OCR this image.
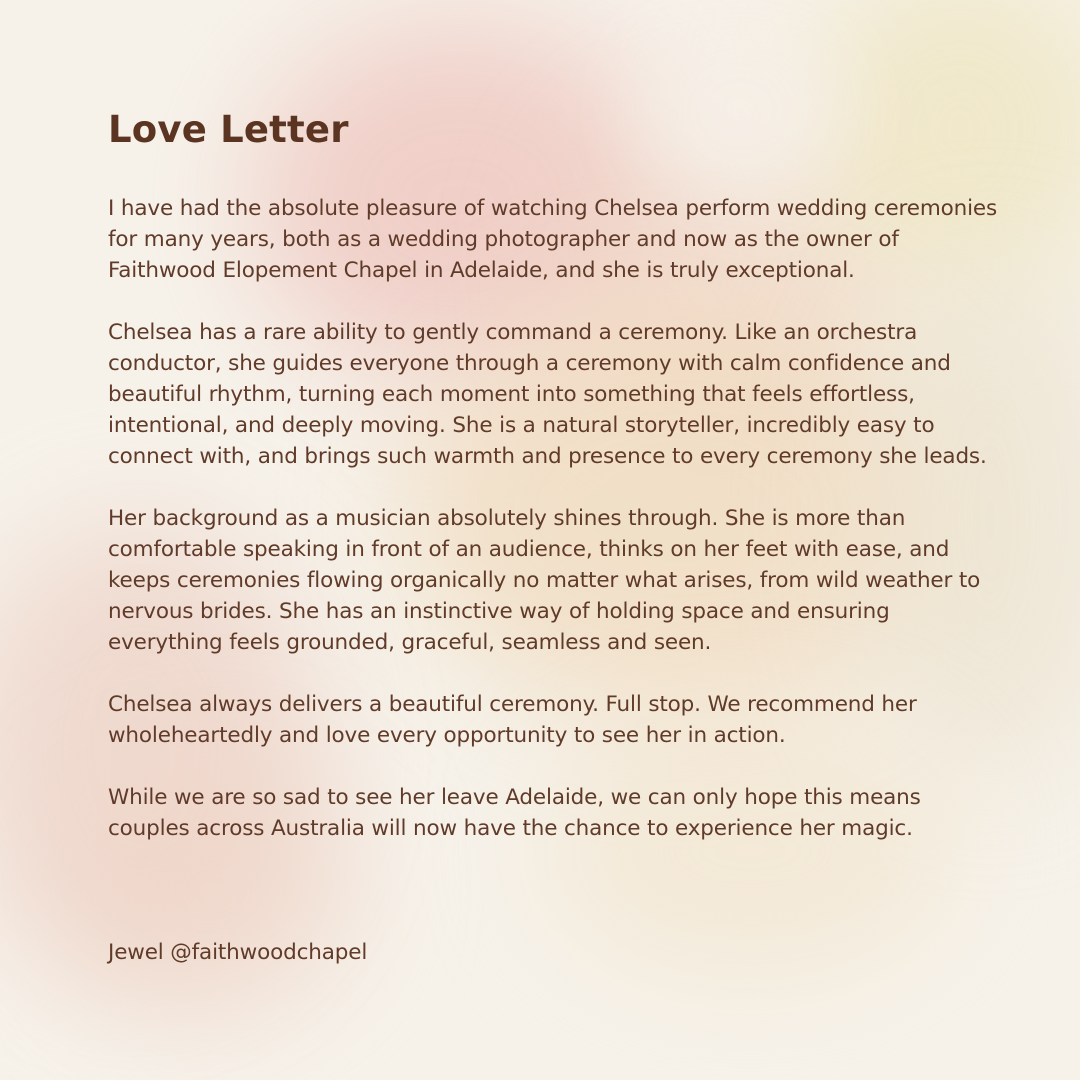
Love Letter

I have had the absolute pleasure of watching Chelsea perform wedding ceremonies for many years, both as a wedding photographer and now as the owner of Faithwood Elopement Chapel in Adelaide, and she is truly exceptional.

Chelsea has a rare ability to gently command a ceremony. Like an orchestra conductor, she guides everyone through a ceremony with calm confidence and beautiful rhythm, turning each moment into something that feels effortless, intentional, and deeply moving. She is a natural storyteller, incredibly easy to connect with, and brings such warmth and presence to every ceremony she leads.

Her background as a musician absolutely shines through. She is more than comfortable speaking in front of an audience, thinks on her feet with ease, and keeps ceremonies flowing organically no matter what arises, from wild weather to nervous brides. She has an instinctive way of holding space and ensuring everything feels grounded, graceful, seamless and seen.

Chelsea always delivers a beautiful ceremony. Full stop. We recommend her wholeheartedly and love every opportunity to see her in action.

While we are so sad to see her leave Adelaide, we can only hope this means couples across Australia will now have the chance to experience her magic.

Jewel @faithwoodchapel
